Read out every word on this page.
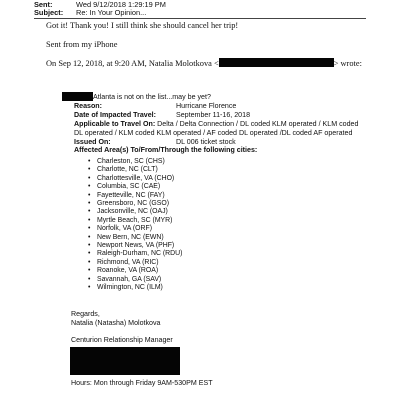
Sent:	Wed 9/12/2018 1:29:19 PM
Subject: Re: In Your Opinion...
Got it! Thank you! I still think she should cancel her trip!
Sent from my iPhone
On Sep 12, 2018, at 9:20 AM, Natalia Molotkova <	> wrote:
Atlanta is not on the list...may be yet?
Reason:	Hurricane Florence
Date of Impacted Travel:	September 11-16, 2018
Applicable to Travel On: Delta / Delta Connection / DL coded KLM operated / KLM coded
DL operated / KLM coded KLM operated / AF coded DL operated /DL coded AF operated
Issued On:	DL 006 ticket stock
Affected Area(s) To/From/Through the following cities:
• Charleston, SC (CHS)
• Charlotte, NC (CLT)
• Charlottesville, VA (CHO)
• Columbia, SC (CAE)
• Fayetteville, NC (FAY)
• Greensboro, NC (GSO)
• Jacksonville, NC (OAJ)
• Myrtle Beach, SC (MYR)
• Norfolk, VA (ORF)
• New Bern, NC (EWN)
• Newport News, VA (PHF)
• Raleigh-Durham, NC (RDU)
• Richmond, VA (RIC)
• Roanoke, VA (ROA)
• Savannah, GA (SAV)
• Wilmington, NC (ILM)
Regards,
Natalia (Natasha) Molotkova
Centurion Relationship Manager
Hours: Mon through Friday 9AM-530PM EST
